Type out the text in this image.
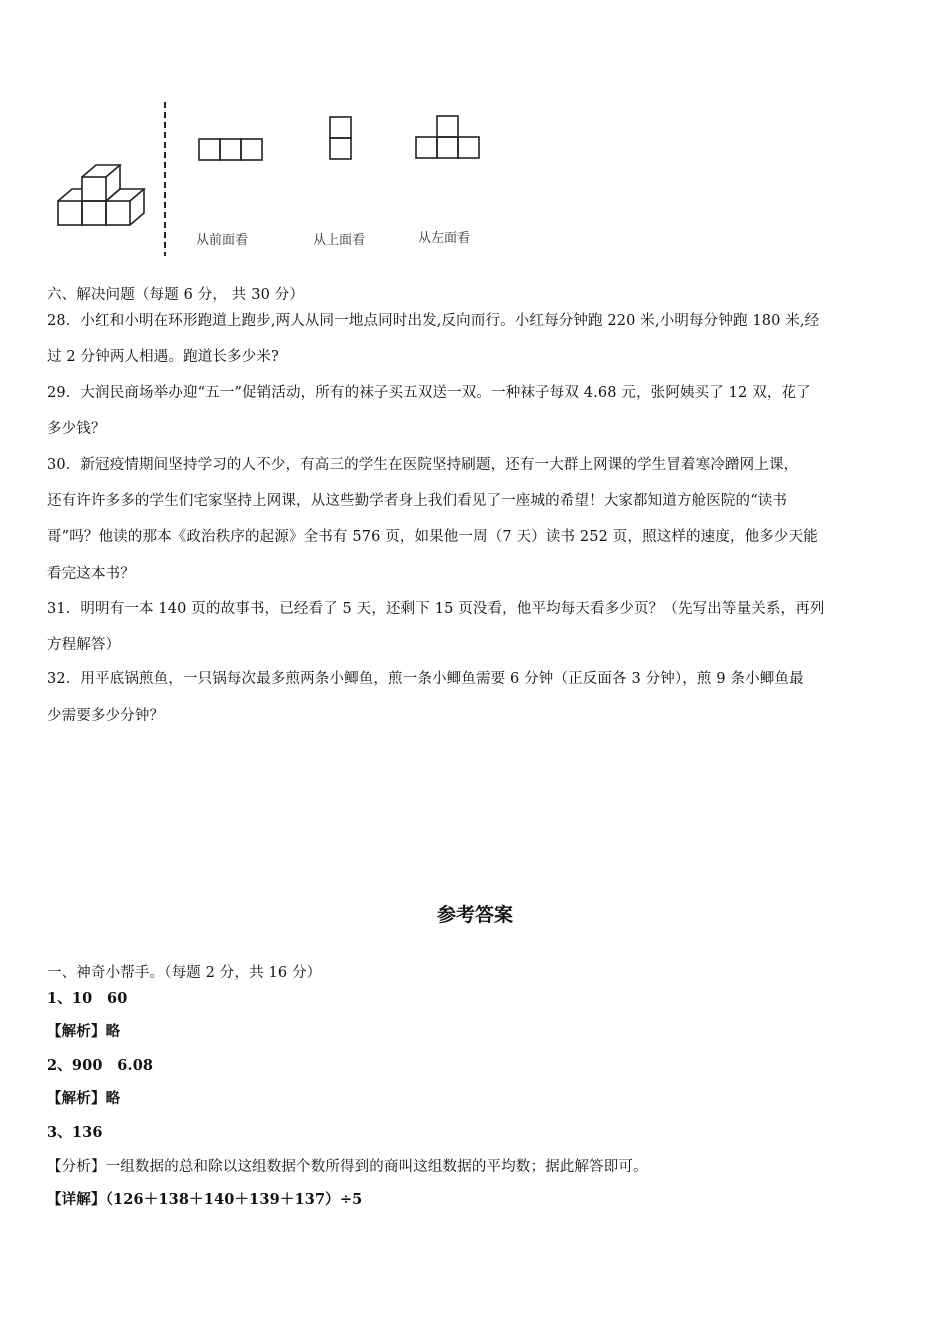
从前面看	从上面看	从左面看
六、解决问题（每题 6 分， 共 30 分）
28．小红和小明在环形跑道上跑步,两人从同一地点同时出发,反向而行。小红每分钟跑 220 米,小明每分钟跑 180 米,经
过 2 分钟两人相遇。跑道长多少米?
29．大润民商场举办迎“五一”促销活动，所有的袜子买五双送一双。一种袜子每双 4.68 元，张阿姨买了 12 双，花了
多少钱？
30．新冠疫情期间坚持学习的人不少，有高三的学生在医院坚持刷题，还有一大群上网课的学生冒着寒冷蹭网上课，
还有许许多多的学生们宅家坚持上网课，从这些勤学者身上我们看见了一座城的希望！大家都知道方舱医院的“读书
哥”吗？他读的那本《政治秩序的起源》全书有 576 页，如果他一周（7 天）读书 252 页，照这样的速度，他多少天能
看完这本书？
31．明明有一本 140 页的故事书，已经看了 5 天，还剩下 15 页没看，他平均每天看多少页？（先写出等量关系，再列
方程解答）
32．用平底锅煎鱼，一只锅每次最多煎两条小鲫鱼，煎一条小鲫鱼需要 6 分钟（正反面各 3 分钟），煎 9 条小鲫鱼最
少需要多少分钟？
参考答案
一、神奇小帮手。（每题 2 分，共 16 分）
1、10　60
【解析】略
2、900　6.08
【解析】略
3、136
【分析】一组数据的总和除以这组数据个数所得到的商叫这组数据的平均数；据此解答即可。
【详解】（126＋138＋140＋139＋137）÷5
